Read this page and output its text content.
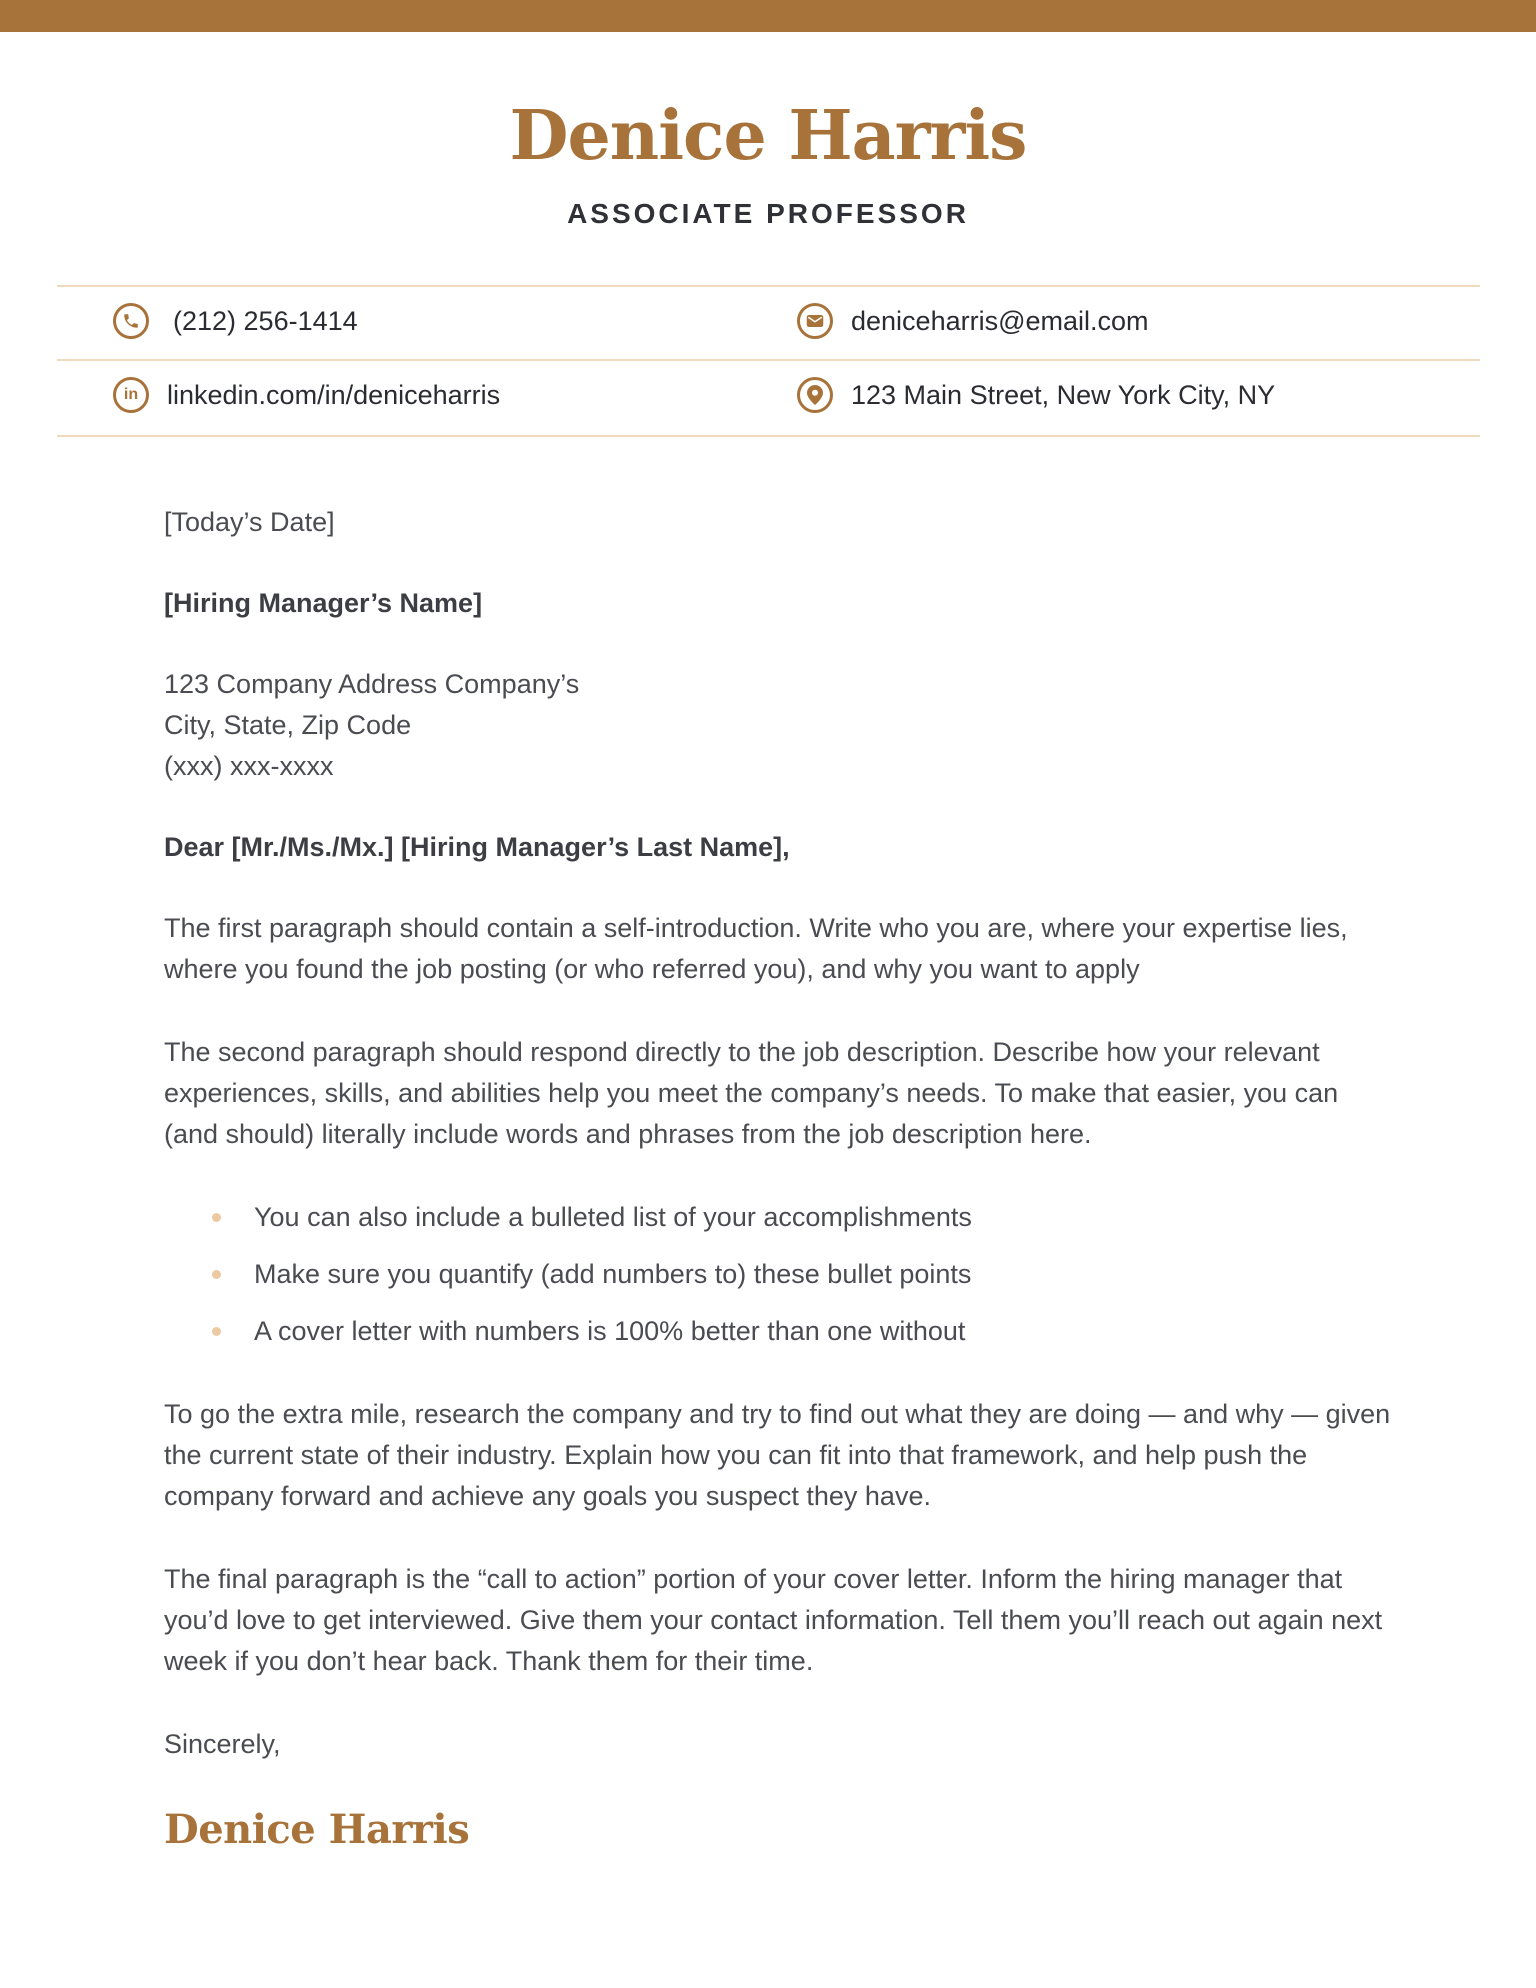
Denice Harris
ASSOCIATE PROFESSOR
(212) 256-1414	deniceharris@email.com
in linkedin.com/in/deniceharris	123 Main Street, New York City, NY

[Today’s Date]

[Hiring Manager’s Name]

123 Company Address Company’s

City, State, Zip Code

(xxx) xxx-xxxx

Dear [Mr./Ms./Mx.] [Hiring Manager’s Last Name],

The first paragraph should contain a self-introduction. Write who you are, where your expertise lies, where you found the job posting (or who referred you), and why you want to apply

The second paragraph should respond directly to the job description. Describe how your relevant experiences, skills, and abilities help you meet the company’s needs. To make that easier, you can (and should) literally include words and phrases from the job description here.

You can also include a bulleted list of your accomplishments
Make sure you quantify (add numbers to) these bullet points
A cover letter with numbers is 100% better than one without

To go the extra mile, research the company and try to find out what they are doing — and why — given the current state of their industry. Explain how you can fit into that framework, and help push the company forward and achieve any goals you suspect they have.

The final paragraph is the “call to action” portion of your cover letter. Inform the hiring manager that you’d love to get interviewed. Give them your contact information. Tell them you’ll reach out again next week if you don’t hear back. Thank them for their time.

Sincerely,

Denice Harris
